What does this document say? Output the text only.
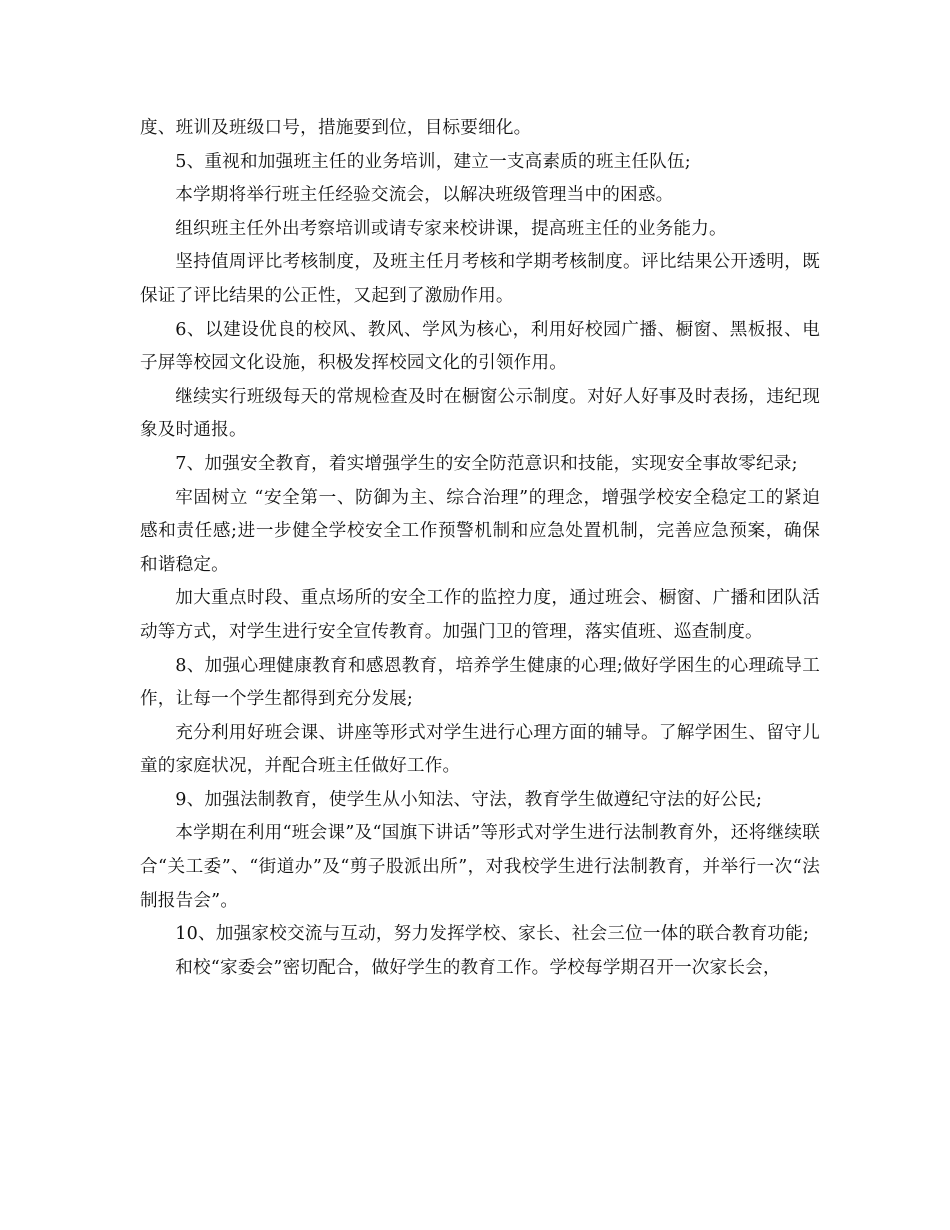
度、班训及班级口号，措施要到位，目标要细化。

5、重视和加强班主任的业务培训，建立一支高素质的班主任队伍;

本学期将举行班主任经验交流会，以解决班级管理当中的困惑。

组织班主任外出考察培训或请专家来校讲课，提高班主任的业务能力。

坚持值周评比考核制度，及班主任月考核和学期考核制度。评比结果公开透明，既保证了评比结果的公正性，又起到了激励作用。

6、以建设优良的校风、教风、学风为核心，利用好校园广播、橱窗、黑板报、电子屏等校园文化设施，积极发挥校园文化的引领作用。

继续实行班级每天的常规检查及时在橱窗公示制度。对好人好事及时表扬，违纪现象及时通报。

7、加强安全教育，着实增强学生的安全防范意识和技能，实现安全事故零纪录;

牢固树立 “安全第一、防御为主、综合治理”的理念，增强学校安全稳定工的紧迫感和责任感;进一步健全学校安全工作预警机制和应急处置机制，完善应急预案，确保和谐稳定。

加大重点时段、重点场所的安全工作的监控力度，通过班会、橱窗、广播和团队活动等方式，对学生进行安全宣传教育。加强门卫的管理，落实值班、巡查制度。

8、加强心理健康教育和感恩教育，培养学生健康的心理;做好学困生的心理疏导工作，让每一个学生都得到充分发展;

充分利用好班会课、讲座等形式对学生进行心理方面的辅导。了解学困生、留守儿童的家庭状况，并配合班主任做好工作。

9、加强法制教育，使学生从小知法、守法，教育学生做遵纪守法的好公民;

本学期在利用“班会课”及“国旗下讲话”等形式对学生进行法制教育外，还将继续联合“关工委”、“街道办”及“剪子股派出所”，对我校学生进行法制教育，并举行一次“法制报告会”。

10、加强家校交流与互动，努力发挥学校、家长、社会三位一体的联合教育功能;

和校“家委会”密切配合，做好学生的教育工作。学校每学期召开一次家长会，
